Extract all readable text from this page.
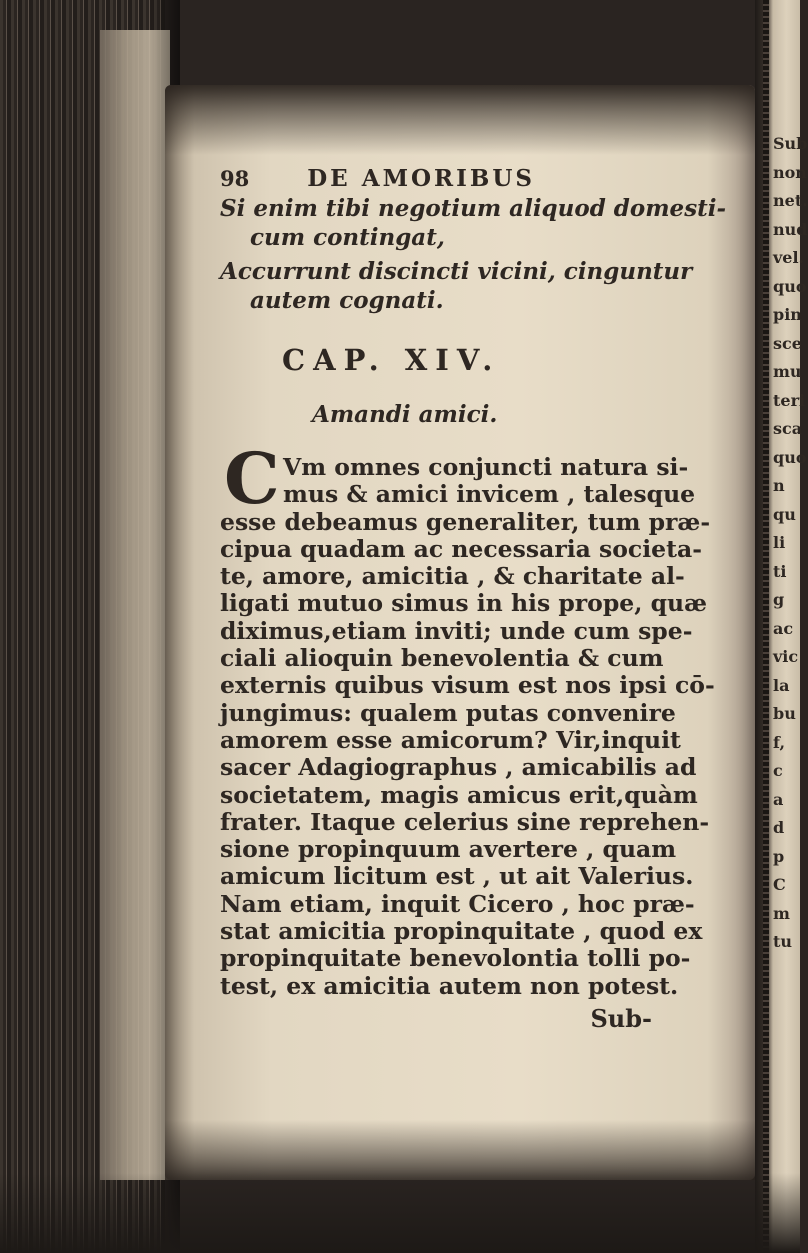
98	DE AMORIBUS

Si enim tibi negotium aliquod domesti-

cum contingat,

Accurrunt discincti vicini, cinguntur

autem cognati.

CAP. XIV.
Amandi amici.
C Vm omnes conjuncti natura si-

mus & amici invicem , talesque

esse debeamus generaliter, tum præ-

cipua quadam ac necessaria societa-

te, amore, amicitia , & charitate al-

ligati mutuo simus in his prope, quæ

diximus,etiam inviti; unde cum spe-

ciali alioquin benevolentia & cum

externis quibus visum est nos ipsi cō-

jungimus: qualem putas convenire

amorem esse amicorum? Vir,inquit

sacer Adagiographus , amicabilis ad

societatem, magis amicus erit,quàm

frater. Itaque celerius sine reprehen-

sione propinquum avertere , quam

amicum licitum est , ut ait Valerius.

Nam etiam, inquit Cicero , hoc præ-

stat amicitia propinquitate , quod ex

propinquitate benevolontia tolli po-

test, ex amicitia autem non potest.

Sub-
Sub
non
net.
nud
vel.
quo
pin
sce
mu
teri
sca
quo
n
qu
li
ti
g
ac
vic
la
bu
f,
c
a
d
p
C
m
tu
